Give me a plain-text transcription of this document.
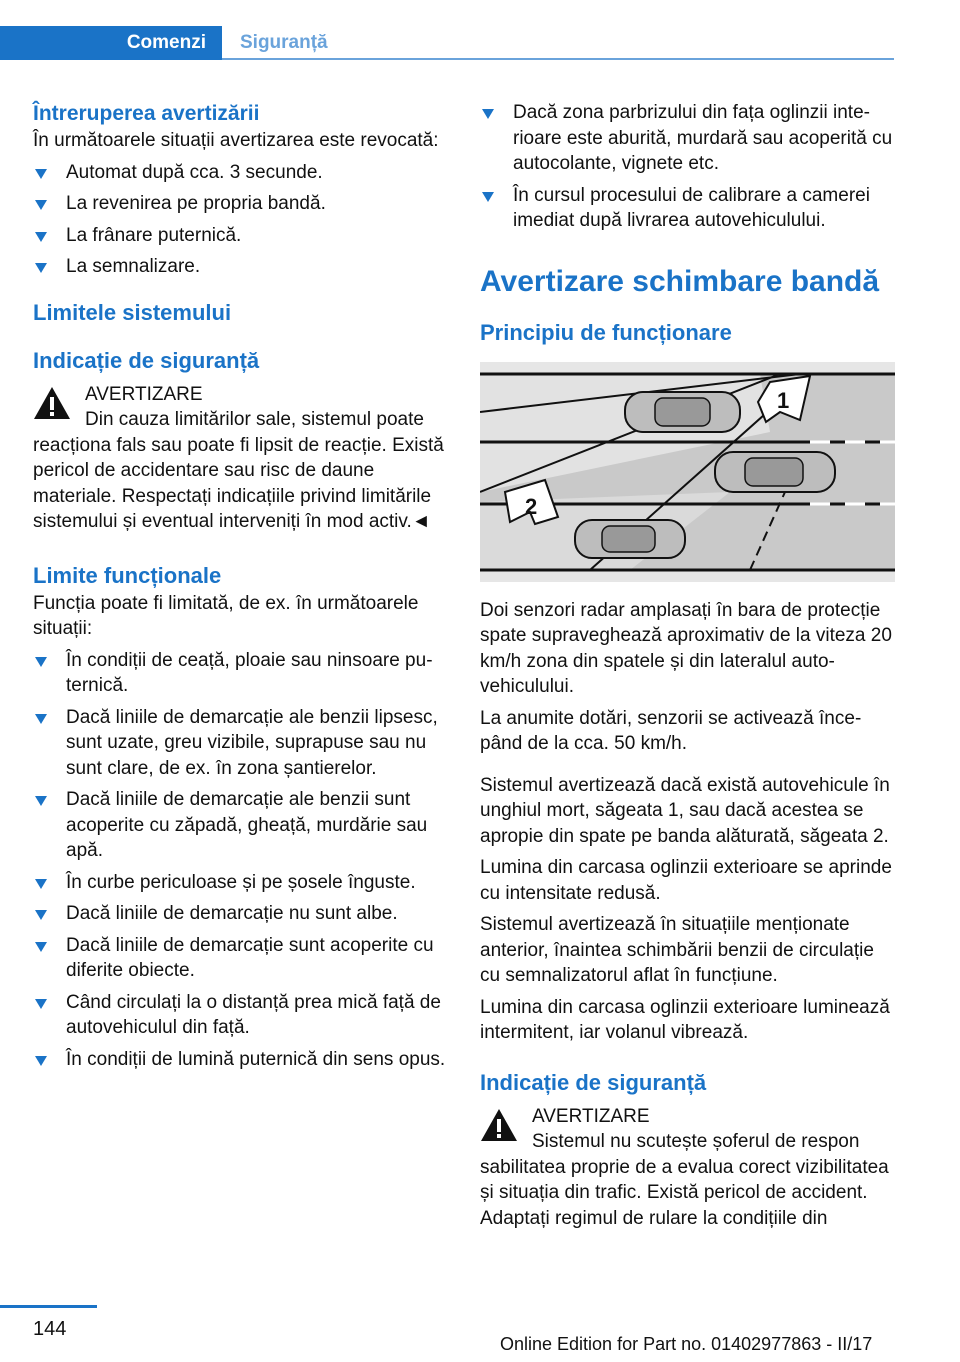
Comenzi	Siguranță
Întreruperea avertizării

În următoarele situații avertizarea este revocată:

Automat după cca. 3 secunde.
La revenirea pe propria bandă.
La frânare puternică.
La semnalizare.
Limitele sistemului
Indicație de siguranță

AVERTIZARE

Din cauza limitărilor sale, sistemul poate

reacționa fals sau poate fi lipsit de reacție. Există pericol de accidentare sau risc de daune materiale. Respectați indicațiile privind limitările sistemului și eventual interveniți în mod activ.◄

Limite funcționale

Funcția poate fi limitată, de ex. în următoarele situații:

În condiții de ceață, ploaie sau ninsoare puternică.
Dacă liniile de demarcație ale benzii lipsesc, sunt uzate, greu vizibile, suprapuse sau nu sunt clare, de ex. în zona șantierelor.
Dacă liniile de demarcație ale benzii sunt acoperite cu zăpadă, gheață, murdărie sau apă.
În curbe periculoase și pe șosele înguste.
Dacă liniile de demarcație nu sunt albe.
Dacă liniile de demarcație sunt acoperite cu diferite obiecte.
Când circulați la o distanță prea mică față de autovehiculul din față.
În condiții de lumină puternică din sens opus.
Dacă zona parbrizului din fața oglinzii interioare este aburită, murdară sau acoperită cu autocolante, vignete etc.
În cursul procesului de calibrare a camerei imediat după livrarea autovehiculului.
Avertizare schimbare bandă
Principiu de funcționare
1
2

Doi senzori radar amplasați în bara de protecție spate supraveghează aproximativ de la viteza 20 km/h zona din spatele și din lateralul autovehiculului.

La anumite dotări, senzorii se activează începând de la cca. 50 km/h.

Sistemul avertizează dacă există autovehicule în unghiul mort, săgeata 1, sau dacă acestea se apropie din spate pe banda alăturată, săgeata 2.

Lumina din carcasa oglinzii exterioare se aprinde cu intensitate redusă.

Sistemul avertizează în situațiile menționate anterior, înaintea schimbării benzii de circulație cu semnalizatorul aflat în funcțiune.

Lumina din carcasa oglinzii exterioare luminează intermitent, iar volanul vibrează.

Indicație de siguranță

AVERTIZARE

Sistemul nu scutește șoferul de respon

sabilitatea proprie de a evalua corect vizibilitatea și situația din trafic. Există pericol de accident. Adaptați regimul de rulare la condițiile din

144
Online Edition for Part no. 01402977863 - II/17
